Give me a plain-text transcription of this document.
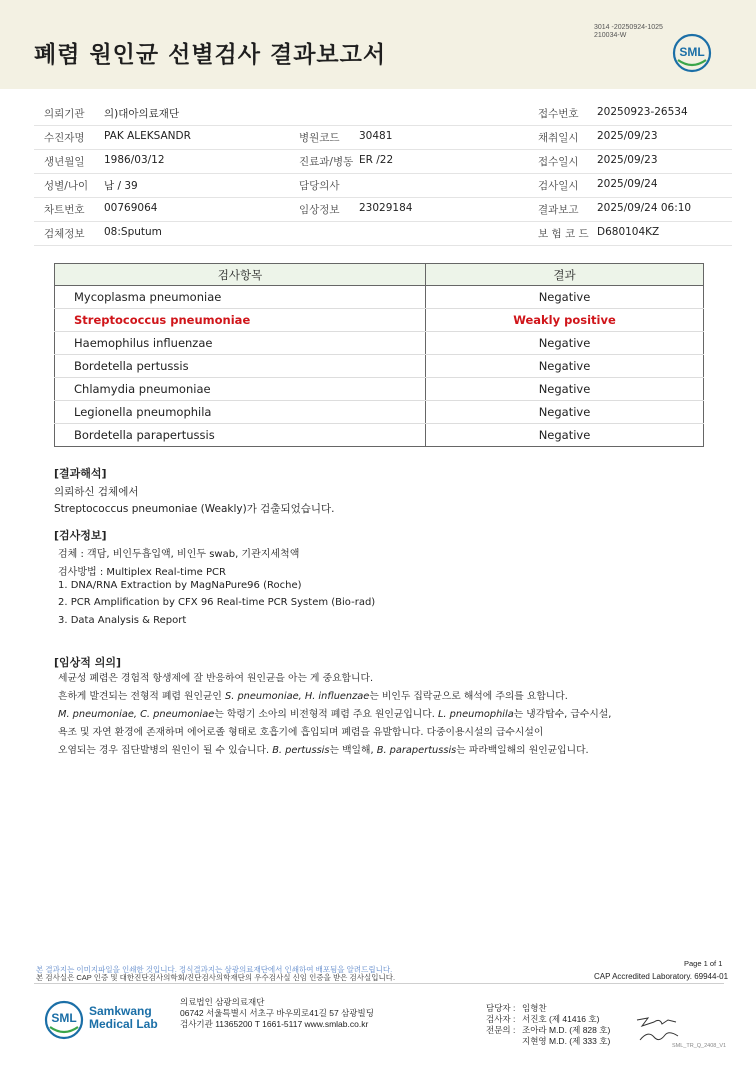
폐렴 원인균 선별검사 결과보고서
3014 -20250924-1025
210034-W
SML
의뢰기관 의)대아의료재단	접수번호 20250923-26534
수진자명 PAK ALEKSANDR	병원코드 30481	채취일시 2025/09/23
생년월일 1986/03/12	진료과/병동 ER /22	접수일시 2025/09/23
성별/나이 남 / 39	담당의사	검사일시 2025/09/24
차트번호 00769064	임상정보 23029184	결과보고 2025/09/24 06:10
검체정보 08:Sputum	보 험 코 드 D680104KZ
검사항목	결과
Mycoplasma pneumoniae	Negative
Streptococcus pneumoniae	Weakly positive
Haemophilus influenzae	Negative
Bordetella pertussis	Negative
Chlamydia pneumoniae	Negative
Legionella pneumophila	Negative
Bordetella parapertussis	Negative
[결과해석]
의뢰하신 검체에서
Streptococcus pneumoniae (Weakly)가 검출되었습니다.
[검사정보]
검체 : 객담, 비인두흡입액, 비인두 swab, 기관지세척액
검사방법 : Multiplex Real-time PCR
1. DNA/RNA Extraction by MagNaPure96 (Roche)
2. PCR Amplification by CFX 96 Real-time PCR System (Bio-rad)
3. Data Analysis & Report
[임상적 의의]
세균성 폐렴은 경험적 항생제에 잘 반응하여 원인균을 아는 게 중요합니다.
흔하게 발견되는 전형적 폐렴 원인균인 S. pneumoniae, H. influenzae는 비인두 집락균으로 해석에 주의를 요합니다.
M. pneumoniae, C. pneumoniae는 학령기 소아의 비전형적 폐렴 주요 원인균입니다. L. pneumophila는 냉각탑수, 급수시설,
욕조 및 자연 환경에 존재하며 에어로졸 형태로 호흡기에 흡입되며 폐렴을 유발합니다. 다중이용시설의 급수시설이
오염되는 경우 집단발병의 원인이 될 수 있습니다. B. pertussis는 백일해, B. parapertussis는 파라백일해의 원인균입니다.
Page 1 of 1
본 결과지는 이미지파일을 인쇄한 것입니다. 정식결과지는 삼광의료재단에서 인쇄하여 배포됨을 알려드립니다.
본 검사실은 CAP 인증 및 대한진단검사의학회/진단검사의학재단의 우수검사실 신임 인증을 받은 검사실입니다.	CAP Accredited Laboratory. 69944-01
SML	Samkwang
Medical Lab
의료법인 삼광의료재단
06742 서울특별시 서초구 바우뫼로41길 57 삼광빌딩
검사기관 11365200 T 1661-5117 www.smlab.co.kr
담당자 : 임형찬
검사자 : 서진호 (제 41416 호)
전문의 : 조아라 M.D. (제 828 호)
지현영 M.D. (제 333 호)	SML_TR_Q_2408_V1
